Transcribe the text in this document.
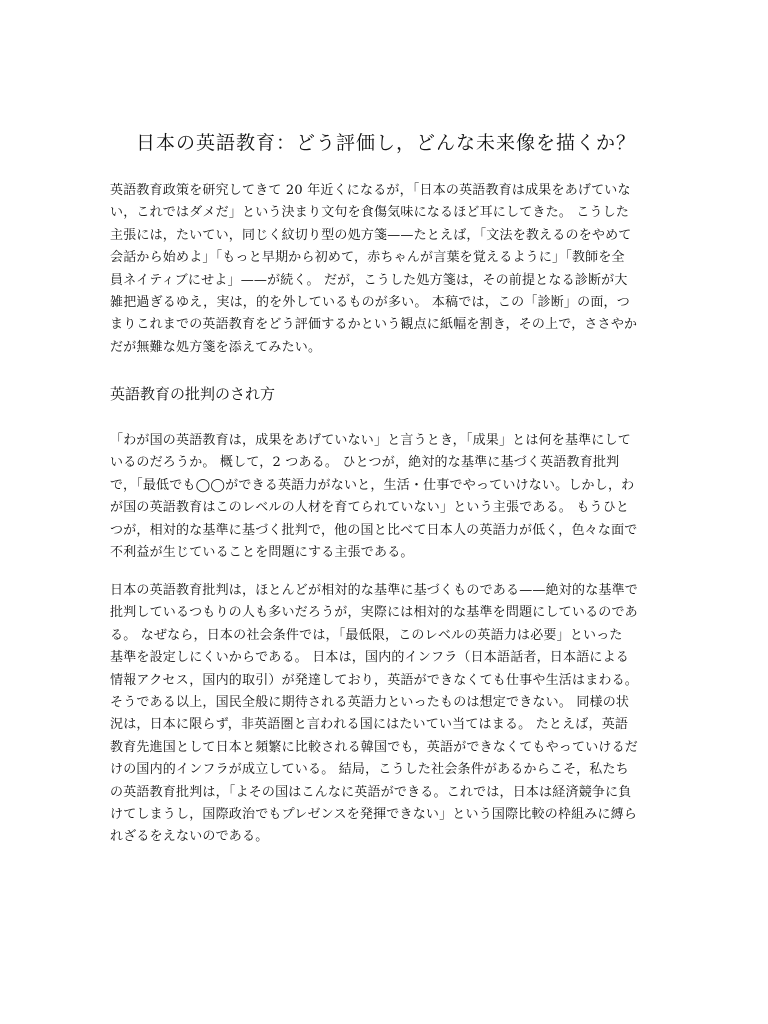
日本の英語教育：どう評価し，どんな未来像を描くか？
英語教育政策を研究してきて 20 年近くになるが，「日本の英語教育は成果をあげていな
い，これではダメだ」という決まり文句を食傷気味になるほど耳にしてきた。 こうした
主張には，たいてい，同じく紋切り型の処方箋——たとえば，「文法を教えるのをやめて
会話から始めよ」「もっと早期から初めて，赤ちゃんが言葉を覚えるように」「教師を全
員ネイティブにせよ」——が続く。 だが，こうした処方箋は，その前提となる診断が大
雑把過ぎるゆえ，実は，的を外しているものが多い。 本稿では，この「診断」の面，つ
まりこれまでの英語教育をどう評価するかという観点に紙幅を割き，その上で，ささやか
だが無難な処方箋を添えてみたい。
英語教育の批判のされ方
「わが国の英語教育は，成果をあげていない」と言うとき，「成果」とは何を基準にして
いるのだろうか。 概して，2 つある。 ひとつが，絶対的な基準に基づく英語教育批判
で，「最低でも◯◯ができる英語力がないと，生活・仕事でやっていけない。しかし，わ
が国の英語教育はこのレベルの人材を育てられていない」という主張である。 もうひと
つが，相対的な基準に基づく批判で，他の国と比べて日本人の英語力が低く，色々な面で
不利益が生じていることを問題にする主張である。
日本の英語教育批判は，ほとんどが相対的な基準に基づくものである——絶対的な基準で
批判しているつもりの人も多いだろうが，実際には相対的な基準を問題にしているのであ
る。 なぜなら，日本の社会条件では，「最低限，このレベルの英語力は必要」といった
基準を設定しにくいからである。 日本は，国内的インフラ（日本語話者，日本語による
情報アクセス，国内的取引）が発達しており，英語ができなくても仕事や生活はまわる。
そうである以上，国民全般に期待される英語力といったものは想定できない。 同様の状
況は，日本に限らず，非英語圏と言われる国にはたいてい当てはまる。 たとえば，英語
教育先進国として日本と頻繁に比較される韓国でも，英語ができなくてもやっていけるだ
けの国内的インフラが成立している。 結局，こうした社会条件があるからこそ，私たち
の英語教育批判は，「よその国はこんなに英語ができる。これでは，日本は経済競争に負
けてしまうし，国際政治でもプレゼンスを発揮できない」という国際比較の枠組みに縛ら
れざるをえないのである。
